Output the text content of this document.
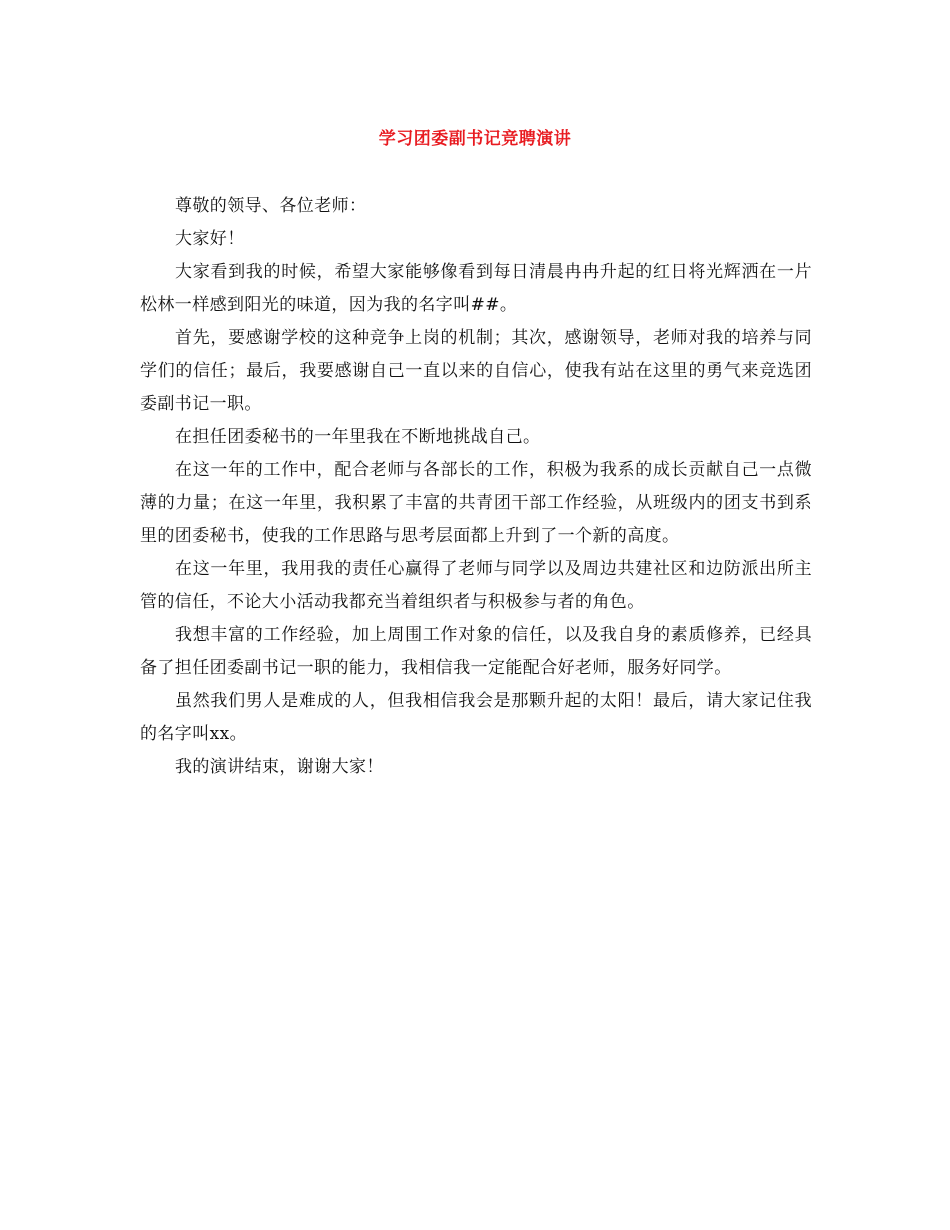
学习团委副书记竞聘演讲

尊敬的领导、各位老师：

大家好！

大家看到我的时候，希望大家能够像看到每日清晨冉冉升起的红日将光辉洒在一片松林一样感到阳光的味道，因为我的名字叫##。

首先，要感谢学校的这种竞争上岗的机制；其次，感谢领导，老师对我的培养与同学们的信任；最后，我要感谢自己一直以来的自信心，使我有站在这里的勇气来竞选团委副书记一职。

在担任团委秘书的一年里我在不断地挑战自己。

在这一年的工作中，配合老师与各部长的工作，积极为我系的成长贡献自己一点微薄的力量；在这一年里，我积累了丰富的共青团干部工作经验，从班级内的团支书到系里的团委秘书，使我的工作思路与思考层面都上升到了一个新的高度。

在这一年里，我用我的责任心赢得了老师与同学以及周边共建社区和边防派出所主管的信任，不论大小活动我都充当着组织者与积极参与者的角色。

我想丰富的工作经验，加上周围工作对象的信任，以及我自身的素质修养，已经具备了担任团委副书记一职的能力，我相信我一定能配合好老师，服务好同学。

虽然我们男人是难成的人，但我相信我会是那颗升起的太阳！最后，请大家记住我的名字叫xx。

我的演讲结束，谢谢大家！
